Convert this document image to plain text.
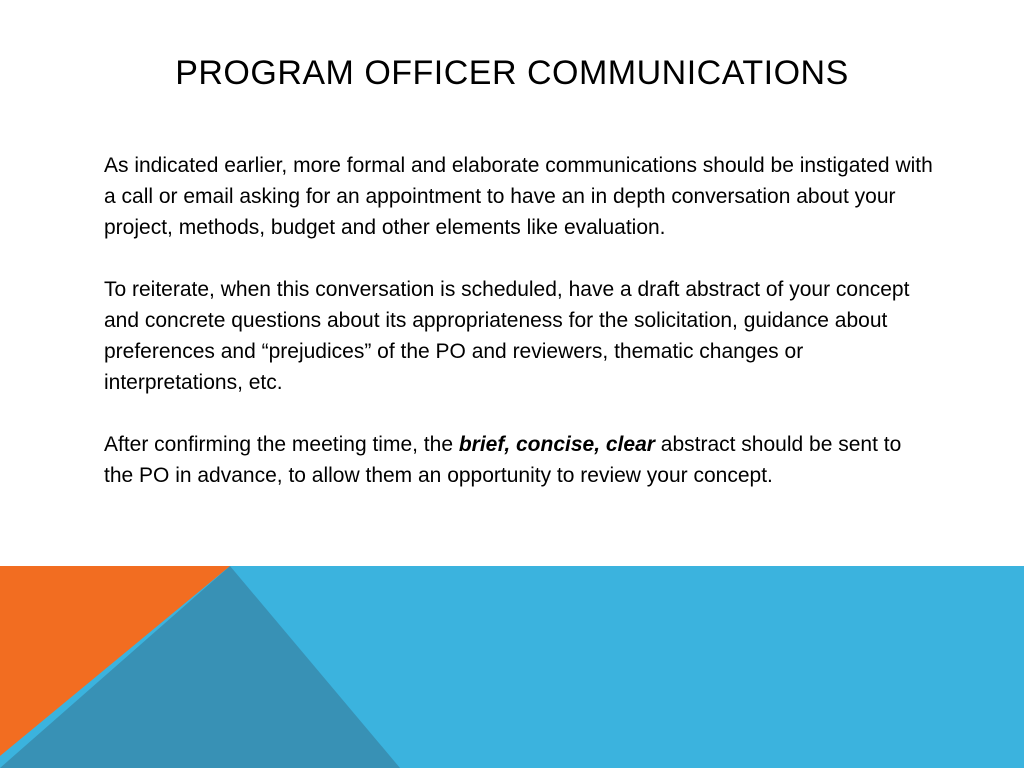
PROGRAM OFFICER COMMUNICATIONS

As indicated earlier, more formal and elaborate communications should be instigated with a call or email asking for an appointment to have an in depth conversation about your project, methods, budget and other elements like evaluation.

To reiterate, when this conversation is scheduled, have a draft abstract of your concept and concrete questions about its appropriateness for the solicitation, guidance about preferences and “prejudices” of the PO and reviewers, thematic changes or interpretations, etc.

After confirming the meeting time, the brief, concise, clear abstract should be sent to the PO in advance, to allow them an opportunity to review your concept.
